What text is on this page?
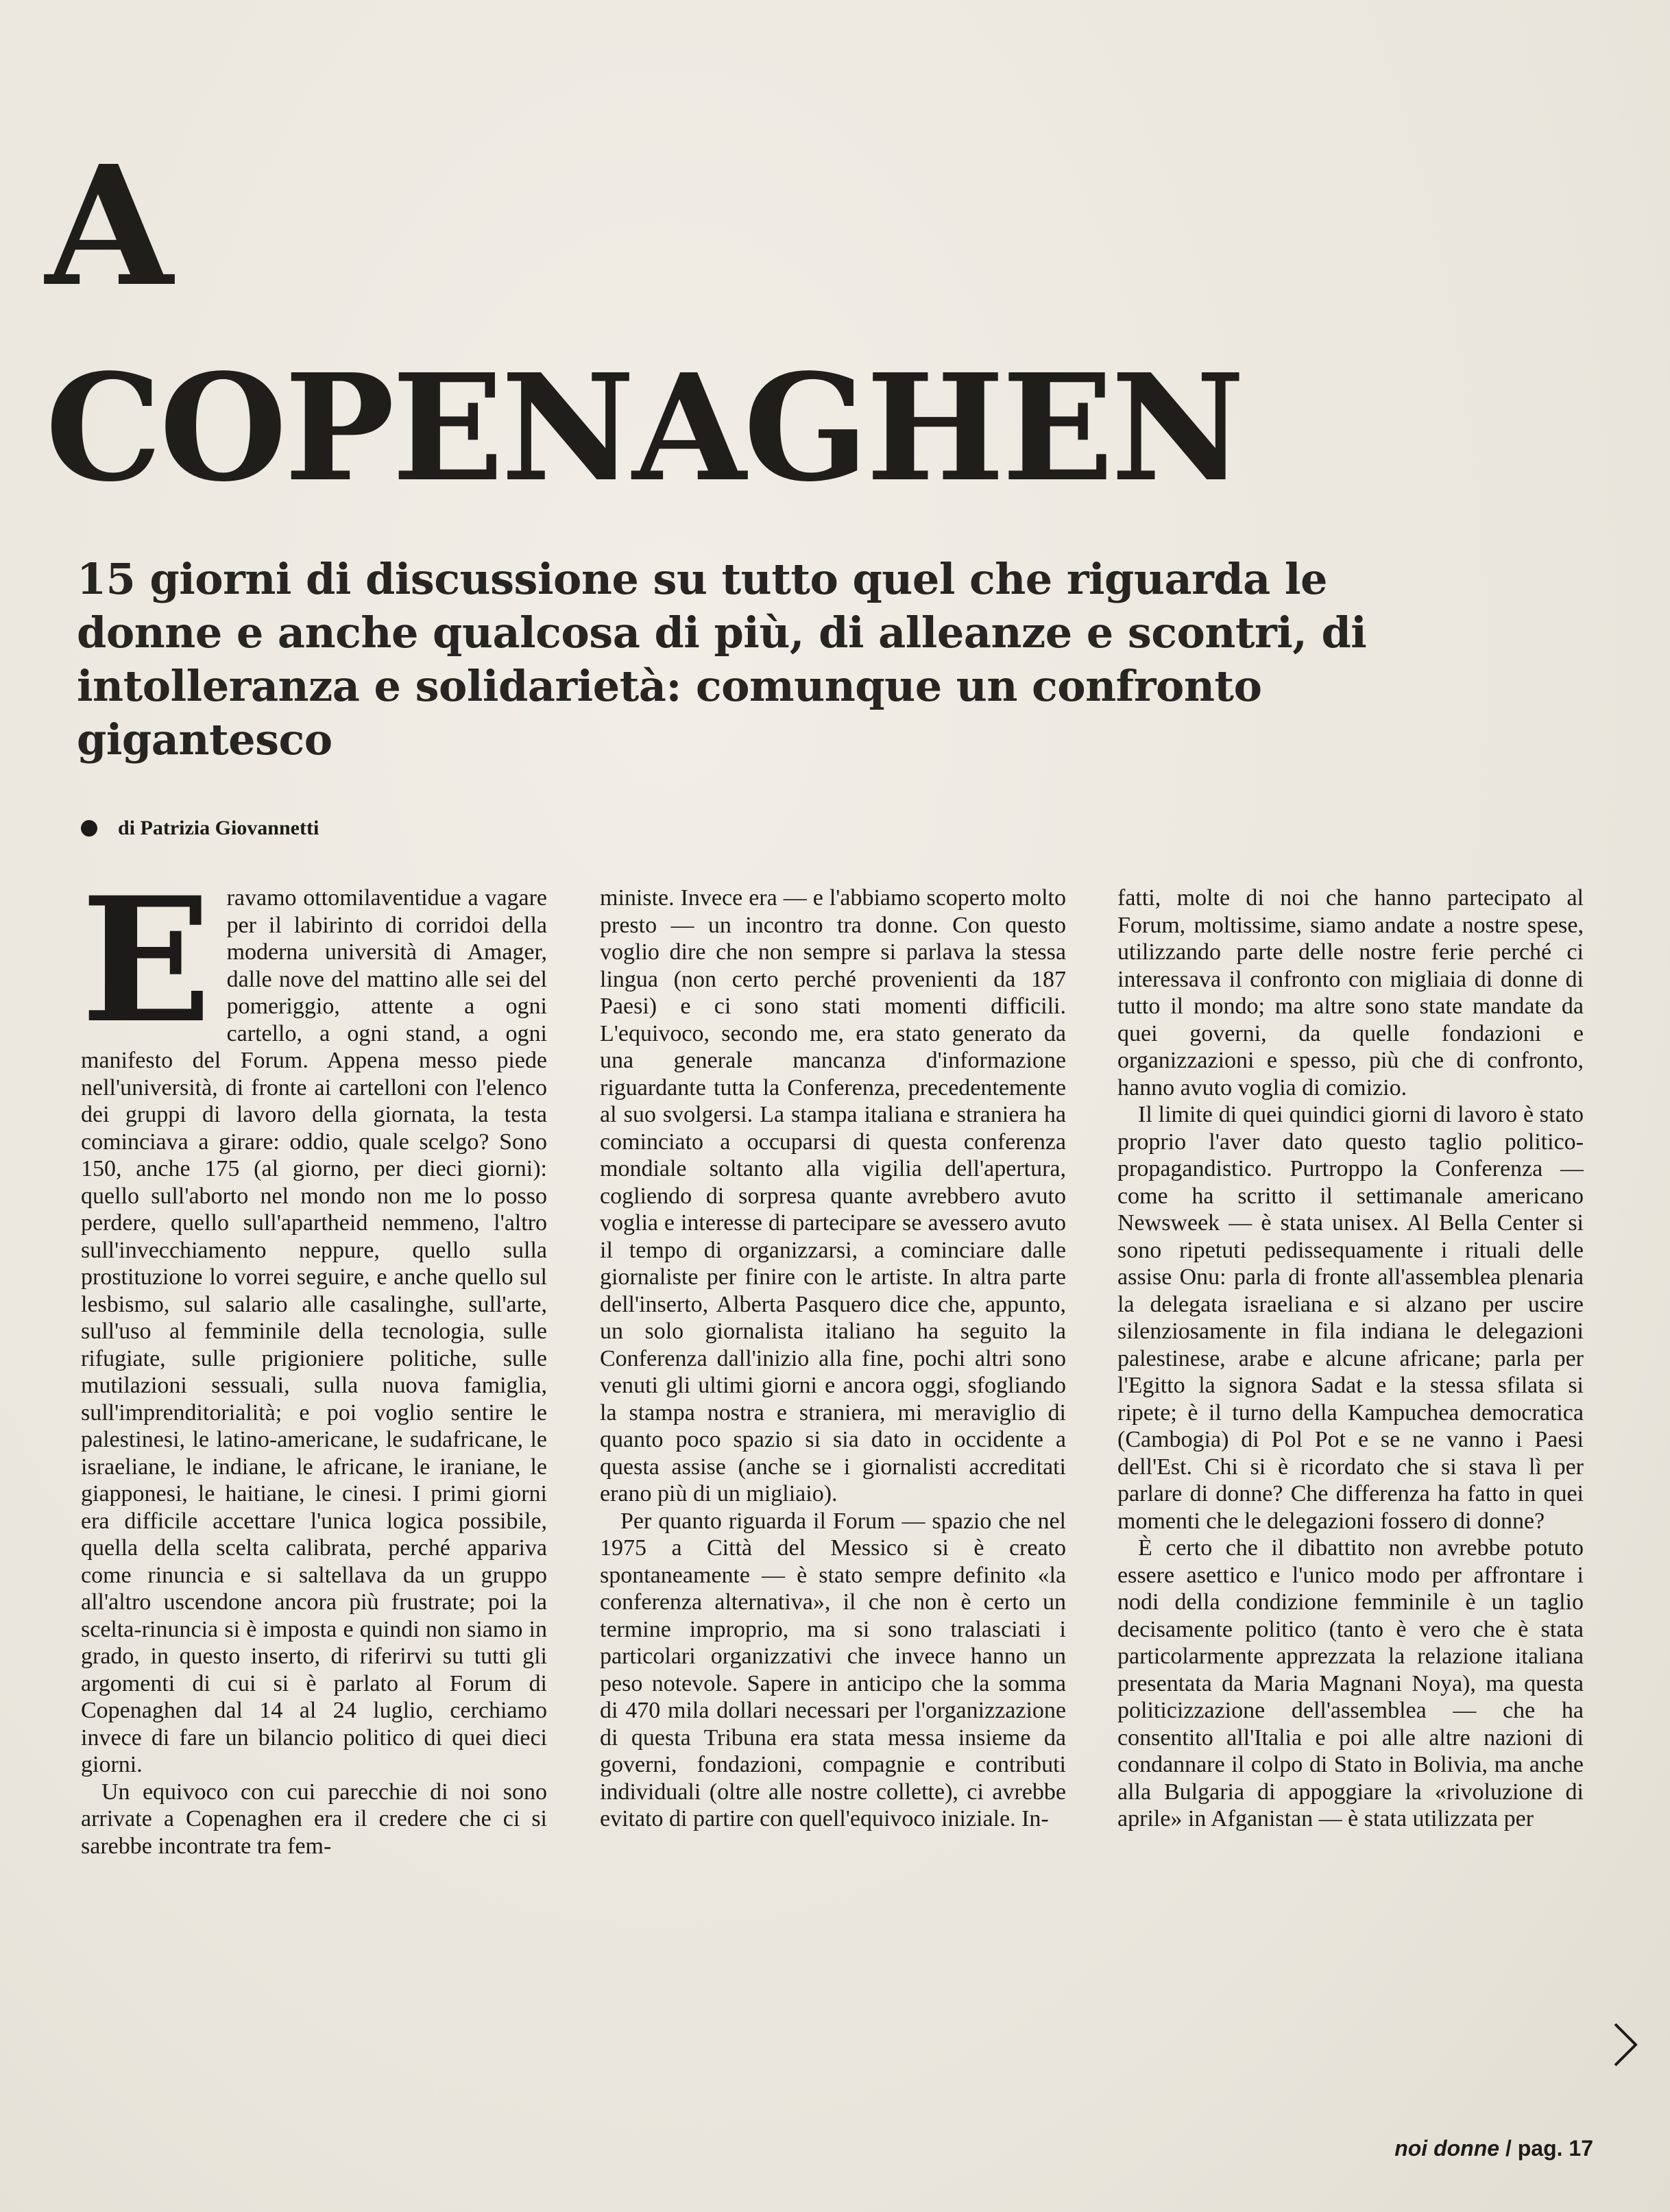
A
COPENAGHEN

15 giorni di discussione su tutto quel che riguarda le donne e anche qualcosa di più, di alleanze e scontri, di intolleranza e solidarietà: comunque un confronto gigantesco

di Patrizia Giovannetti
E ravamo ottomilaventidue a vagare per il labirinto di corridoi della moderna università di Amager, dalle nove del mattino alle sei del pomeriggio, attente a ogni cartello, a ogni stand, a ogni manifesto del Forum. Appena messo piede nell'università, di fronte ai cartelloni con l'elenco dei gruppi di lavoro della giornata, la testa cominciava a girare: oddio, quale scelgo? Sono 150, anche 175 (al giorno, per dieci giorni): quello sull'aborto nel mondo non me lo posso perdere, quello sull'apartheid nemmeno, l'altro sull'invecchiamento neppure, quello sulla prostituzione lo vorrei seguire, e anche quello sul lesbismo, sul salario alle casalinghe, sull'arte, sull'uso al femminile della tecnologia, sulle rifugiate, sulle prigioniere politiche, sulle mutilazioni sessuali, sulla nuova famiglia, sull'imprenditorialità; e poi voglio sentire le palestinesi, le latino-americane, le sudafricane, le israeliane, le indiane, le africane, le iraniane, le giapponesi, le haitiane, le cinesi. I primi giorni era difficile accettare l'unica logica possibile, quella della scelta calibrata, perché appariva come rinuncia e si saltellava da un gruppo all'altro uscendone ancora più frustrate; poi la scelta-rinuncia si è imposta e quindi non siamo in grado, in questo inserto, di riferirvi su tutti gli argomenti di cui si è parlato al Forum di Copenaghen dal 14 al 24 luglio, cerchiamo invece di fare un bilancio politico di quei dieci giorni.

Un equivoco con cui parecchie di noi sono arrivate a Copenaghen era il credere che ci si sarebbe incontrate tra fem-

ministe. Invece era — e l'abbiamo scoperto molto presto — un incontro tra donne. Con questo voglio dire che non sempre si parlava la stessa lingua (non certo perché provenienti da 187 Paesi) e ci sono stati momenti difficili. L'equivoco, secondo me, era stato generato da una generale mancanza d'informazione riguardante tutta la Conferenza, precedentemente al suo svolgersi. La stampa italiana e straniera ha cominciato a occuparsi di questa conferenza mondiale soltanto alla vigilia dell'apertura, cogliendo di sorpresa quante avrebbero avuto voglia e interesse di partecipare se avessero avuto il tempo di organizzarsi, a cominciare dalle giornaliste per finire con le artiste. In altra parte dell'inserto, Alberta Pasquero dice che, appunto, un solo giornalista italiano ha seguito la Conferenza dall'inizio alla fine, pochi altri sono venuti gli ultimi giorni e ancora oggi, sfogliando la stampa nostra e straniera, mi meraviglio di quanto poco spazio si sia dato in occidente a questa assise (anche se i giornalisti accreditati erano più di un migliaio).

Per quanto riguarda il Forum — spazio che nel 1975 a Città del Messico si è creato spontaneamente — è stato sempre definito «la conferenza alternativa», il che non è certo un termine improprio, ma si sono tralasciati i particolari organizzativi che invece hanno un peso notevole. Sapere in anticipo che la somma di 470 mila dollari necessari per l'organizzazione di questa Tribuna era stata messa insieme da governi, fondazioni, compagnie e contributi individuali (oltre alle nostre collette), ci avrebbe evitato di partire con quell'equivoco iniziale. In-

fatti, molte di noi che hanno partecipato al Forum, moltissime, siamo andate a nostre spese, utilizzando parte delle nostre ferie perché ci interessava il confronto con migliaia di donne di tutto il mondo; ma altre sono state mandate da quei governi, da quelle fondazioni e organizzazioni e spesso, più che di confronto, hanno avuto voglia di comizio.

Il limite di quei quindici giorni di lavoro è stato proprio l'aver dato questo taglio politico-propagandistico. Purtroppo la Conferenza — come ha scritto il settimanale americano Newsweek — è stata unisex. Al Bella Center si sono ripetuti pedissequamente i rituali delle assise Onu: parla di fronte all'assemblea plenaria la delegata israeliana e si alzano per uscire silenziosamente in fila indiana le delegazioni palestinese, arabe e alcune africane; parla per l'Egitto la signora Sadat e la stessa sfilata si ripete; è il turno della Kampuchea democratica (Cambogia) di Pol Pot e se ne vanno i Paesi dell'Est. Chi si è ricordato che si stava lì per parlare di donne? Che differenza ha fatto in quei momenti che le delegazioni fossero di donne?

È certo che il dibattito non avrebbe potuto essere asettico e l'unico modo per affrontare i nodi della condizione femminile è un taglio decisamente politico (tanto è vero che è stata particolarmente apprezzata la relazione italiana presentata da Maria Magnani Noya), ma questa politicizzazione dell'assemblea — che ha consentito all'Italia e poi alle altre nazioni di condannare il colpo di Stato in Bolivia, ma anche alla Bulgaria di appoggiare la «rivoluzione di aprile» in Afganistan — è stata utilizzata per

noi donne / pag. 17
